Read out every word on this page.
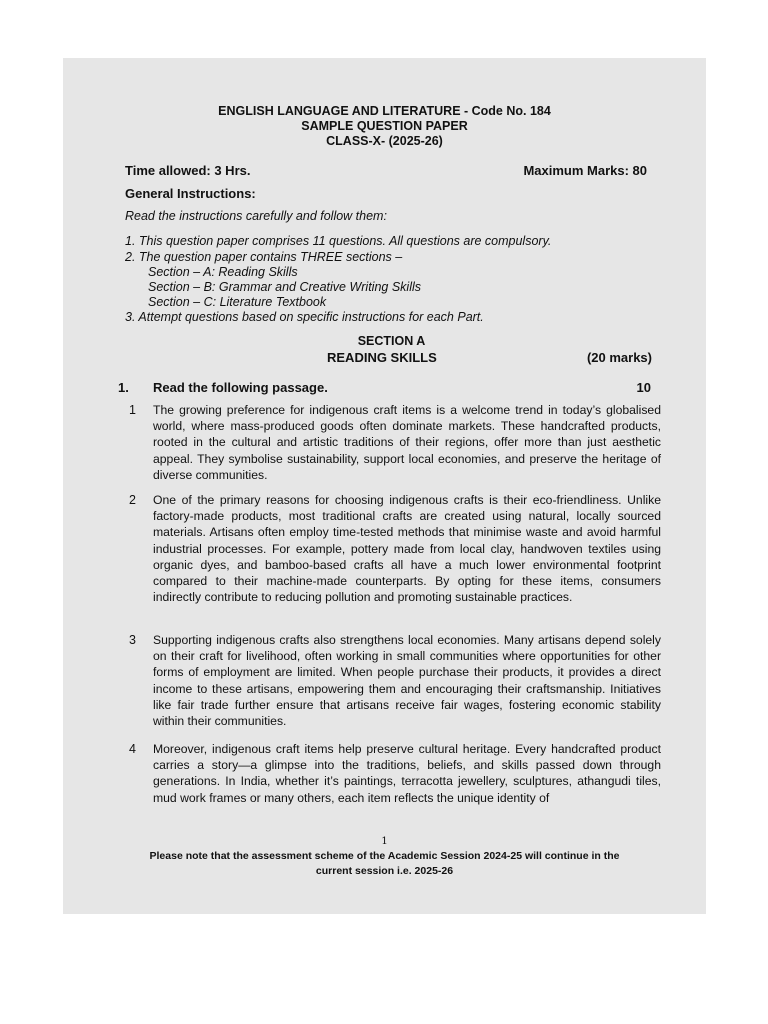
ENGLISH LANGUAGE AND LITERATURE - Code No. 184
SAMPLE QUESTION PAPER
CLASS-X- (2025-26)
Time allowed: 3 Hrs.	Maximum Marks: 80
General Instructions:
Read the instructions carefully and follow them:
1. This question paper comprises 11 questions. All questions are compulsory.
2. The question paper contains THREE sections –
Section – A: Reading Skills
Section – B: Grammar and Creative Writing Skills
Section – C: Literature Textbook
3. Attempt questions based on specific instructions for each Part.
SECTION A
READING SKILLS	(20 marks)
1. Read the following passage.	10
1 The growing preference for indigenous craft items is a welcome trend in today’s globalised world, where mass-produced goods often dominate markets. These handcrafted products, rooted in the cultural and artistic traditions of their regions, offer more than just aesthetic appeal. They symbolise sustainability, support local economies, and preserve the heritage of diverse communities.
2 One of the primary reasons for choosing indigenous crafts is their eco-friendliness. Unlike factory-made products, most traditional crafts are created using natural, locally sourced materials. Artisans often employ time-tested methods that minimise waste and avoid harmful industrial processes. For example, pottery made from local clay, handwoven textiles using organic dyes, and bamboo-based crafts all have a much lower environmental footprint compared to their machine-made counterparts. By opting for these items, consumers indirectly contribute to reducing pollution and promoting sustainable practices.
3 Supporting indigenous crafts also strengthens local economies. Many artisans depend solely on their craft for livelihood, often working in small communities where opportunities for other forms of employment are limited. When people purchase their products, it provides a direct income to these artisans, empowering them and encouraging their craftsmanship. Initiatives like fair trade further ensure that artisans receive fair wages, fostering economic stability within their communities.
4 Moreover, indigenous craft items help preserve cultural heritage. Every handcrafted product carries a story—a glimpse into the traditions, beliefs, and skills passed down through generations. In India, whether it’s paintings, terracotta jewellery, sculptures, athangudi tiles, mud work frames or many others, each item reflects the unique identity of
1
Please note that the assessment scheme of the Academic Session 2024-25 will continue in the
current session i.e. 2025-26
